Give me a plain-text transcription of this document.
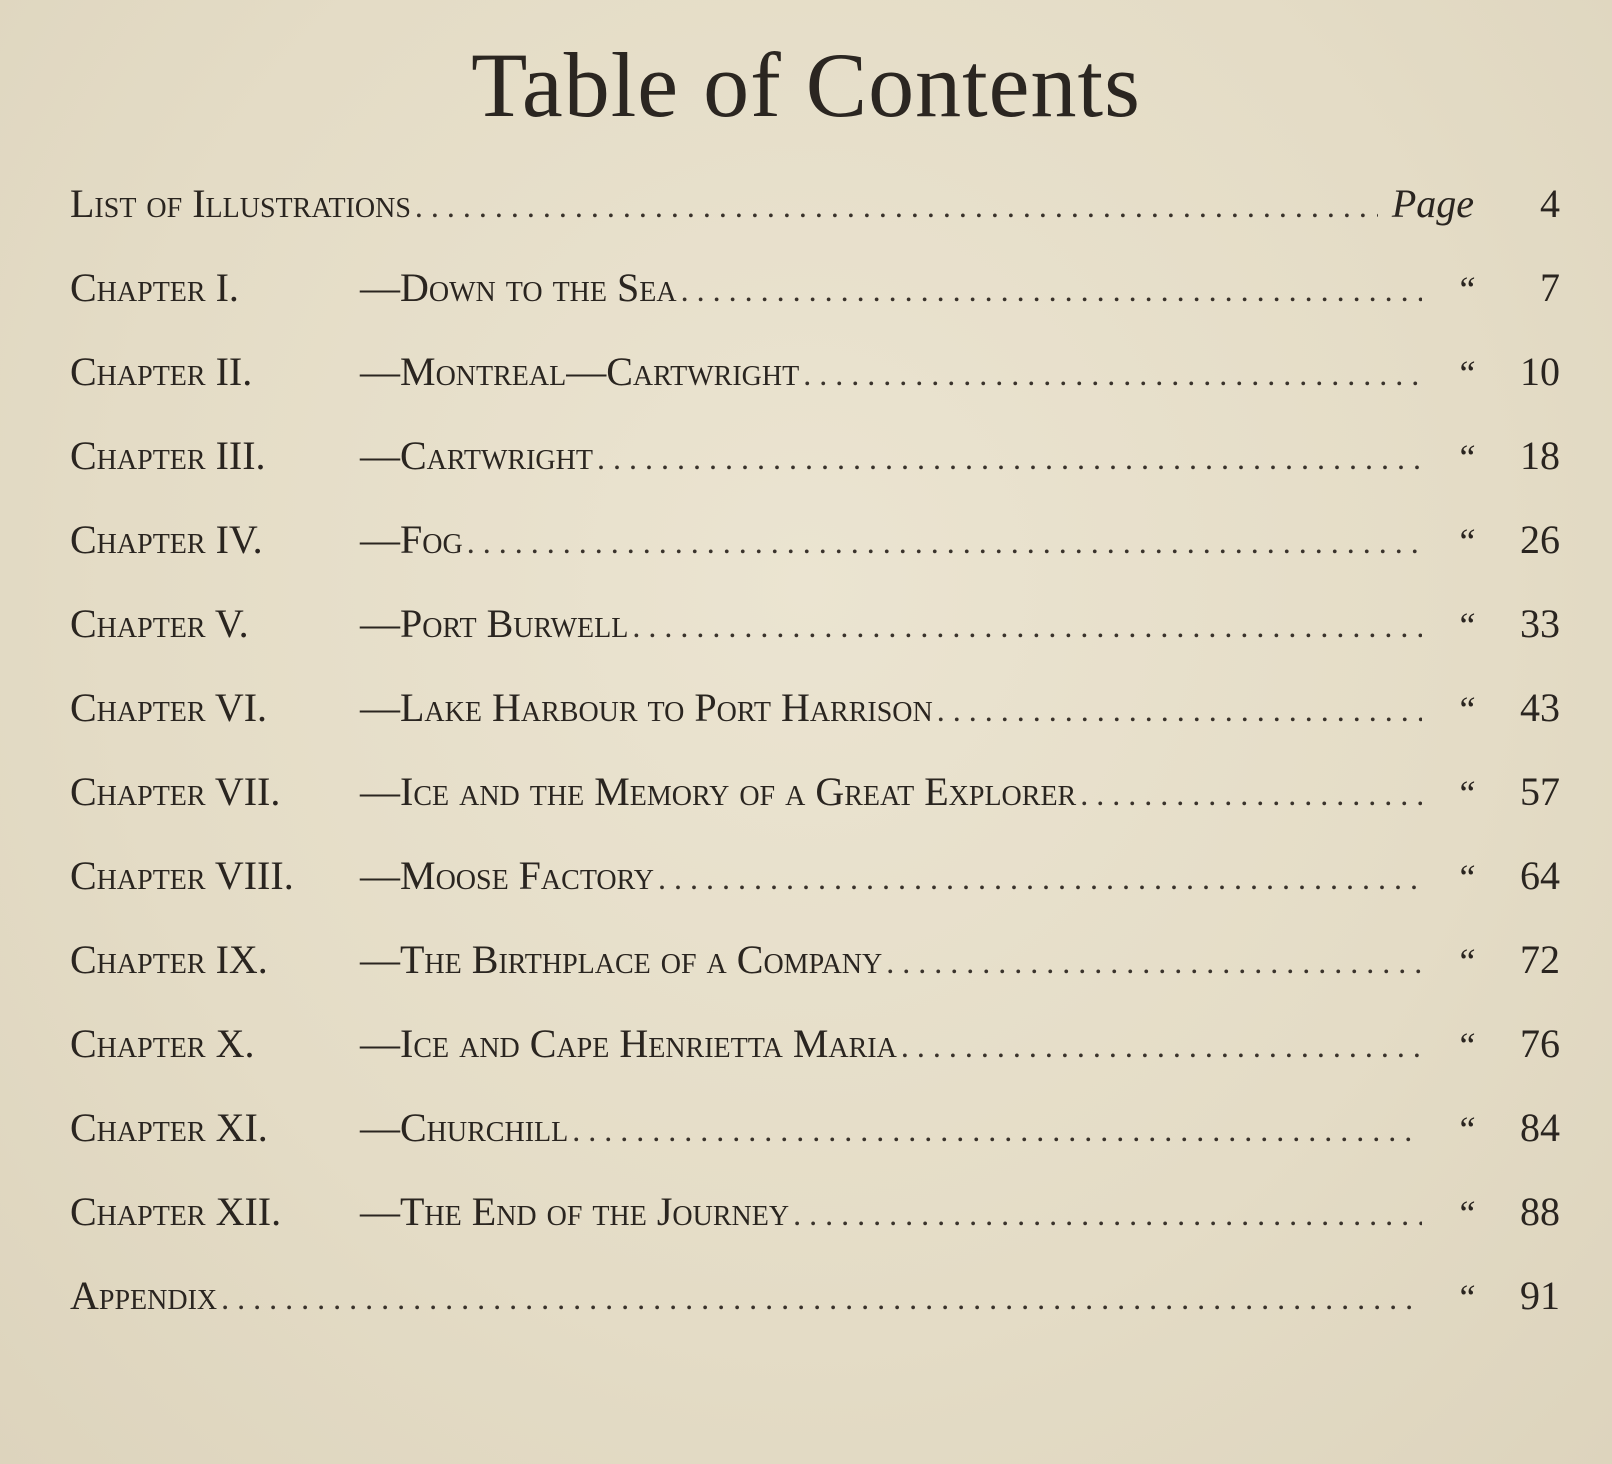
Table of Contents
List of Illustrations . . .	Page	4
Chapter I.	—Down to the Sea . . .	“	7
Chapter II.	—Montreal—Cartwright . . .	“	10
Chapter III.	—Cartwright . . .	“	18
Chapter IV.	—Fog . . .	“	26
Chapter V.	—Port Burwell . . .	“	33
Chapter VI.	—Lake Harbour to Port Harrison . . .	“	43
Chapter VII.	—Ice and the Memory of a Great Explorer . . .	“	57
Chapter VIII.	—Moose Factory . . .	“	64
Chapter IX.	—The Birthplace of a Company . . .	“	72
Chapter X.	—Ice and Cape Henrietta Maria . . .	“	76
Chapter XI.	—Churchill . . .	“	84
Chapter XII.	—The End of the Journey . . .	“	88
Appendix . . .	“	91
